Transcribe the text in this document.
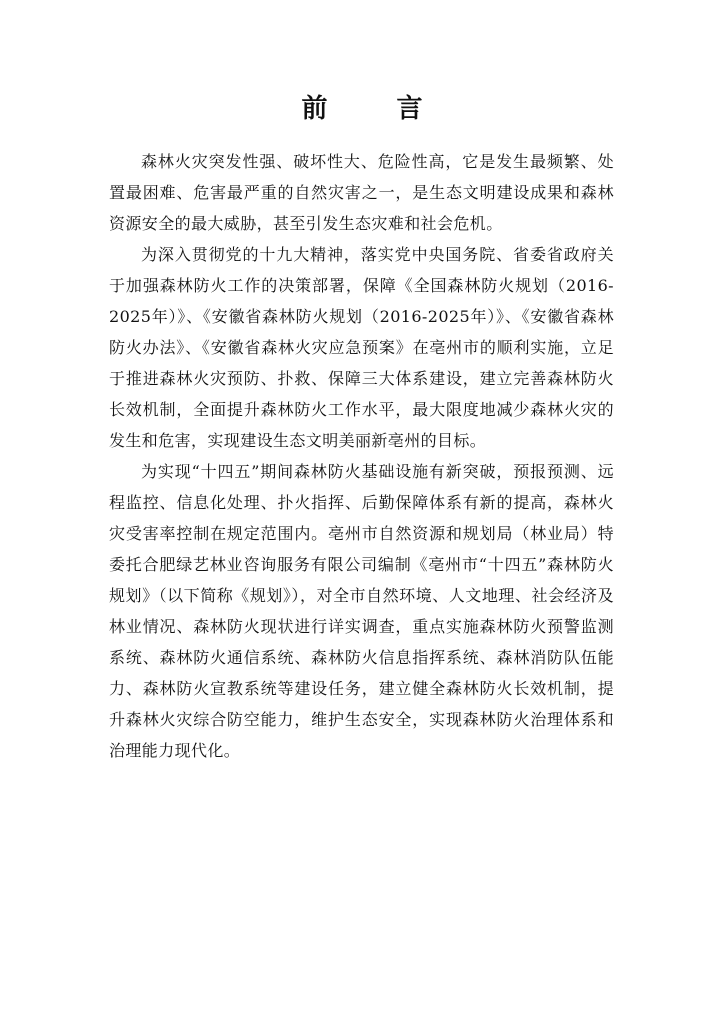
前 言

森林火灾突发性强、破坏性大、危险性高，它是发生最频繁、处置最困难、危害最严重的自然灾害之一，是生态文明建设成果和森林资源安全的最大威胁，甚至引发生态灾难和社会危机。

为深入贯彻党的十九大精神，落实党中央国务院、省委省政府关于加强森林防火工作的决策部署，保障《全国森林防火规划（2016-2025年）》、《安徽省森林防火规划（2016-2025年）》、《安徽省森林防火办法》、《安徽省森林火灾应急预案》在亳州市的顺利实施，立足于推进森林火灾预防、扑救、保障三大体系建设，建立完善森林防火长效机制，全面提升森林防火工作水平，最大限度地减少森林火灾的发生和危害，实现建设生态文明美丽新亳州的目标。

为实现“十四五”期间森林防火基础设施有新突破，预报预测、远程监控、信息化处理、扑火指挥、后勤保障体系有新的提高，森林火灾受害率控制在规定范围内。亳州市自然资源和规划局（林业局）特委托合肥绿艺林业咨询服务有限公司编制《亳州市“十四五”森林防火规划》（以下简称《规划》），对全市自然环境、人文地理、社会经济及林业情况、森林防火现状进行详实调查，重点实施森林防火预警监测系统、森林防火通信系统、森林防火信息指挥系统、森林消防队伍能力、森林防火宣教系统等建设任务，建立健全森林防火长效机制，提升森林火灾综合防空能力，维护生态安全，实现森林防火治理体系和治理能力现代化。
